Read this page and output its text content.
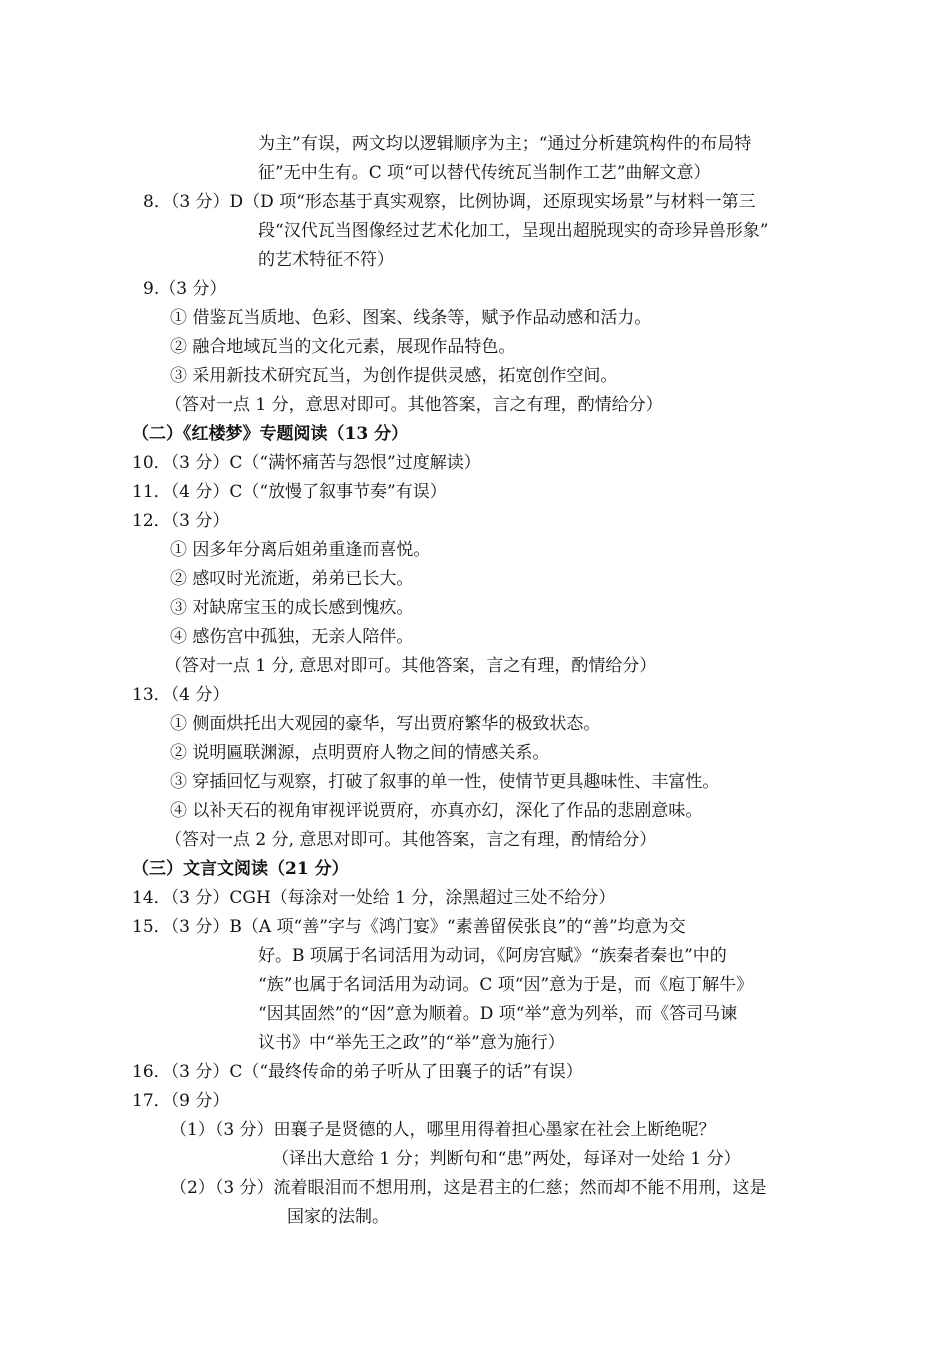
为主”有误，两文均以逻辑顺序为主；“通过分析建筑构件的布局特
征”无中生有。C 项“可以替代传统瓦当制作工艺”曲解文意）
8．（3 分）D（D 项“形态基于真实观察，比例协调，还原现实场景”与材料一第三
段“汉代瓦当图像经过艺术化加工，呈现出超脱现实的奇珍异兽形象”
的艺术特征不符）
9.（3 分）
① 借鉴瓦当质地、色彩、图案、线条等，赋予作品动感和活力。
② 融合地域瓦当的文化元素，展现作品特色。
③ 采用新技术研究瓦当，为创作提供灵感，拓宽创作空间。
（答对一点 1 分，意思对即可。其他答案，言之有理，酌情给分）
（二）《红楼梦》专题阅读（13 分）
10．（3 分）C（“满怀痛苦与怨恨”过度解读）
11．（4 分）C（“放慢了叙事节奏”有误）
12．（3 分）
① 因多年分离后姐弟重逢而喜悦。
② 感叹时光流逝，弟弟已长大。
③ 对缺席宝玉的成长感到愧疚。
④ 感伤宫中孤独，无亲人陪伴。
（答对一点 1 分, 意思对即可。其他答案，言之有理，酌情给分）
13．（4 分）
① 侧面烘托出大观园的豪华，写出贾府繁华的极致状态。
② 说明匾联渊源，点明贾府人物之间的情感关系。
③ 穿插回忆与观察，打破了叙事的单一性，使情节更具趣味性、丰富性。
④ 以补天石的视角审视评说贾府，亦真亦幻，深化了作品的悲剧意味。
（答对一点 2 分, 意思对即可。其他答案，言之有理，酌情给分）
（三）文言文阅读（21 分）
14．（3 分）CGH（每涂对一处给 1 分，涂黑超过三处不给分）
15．（3 分）B（A 项“善”字与《鸿门宴》“素善留侯张良”的“善”均意为交
好。B 项属于名词活用为动词，《阿房宫赋》“族秦者秦也”中的
“族”也属于名词活用为动词。C 项“因”意为于是，而《庖丁解牛》
“因其固然”的“因”意为顺着。D 项“举”意为列举，而《答司马谏
议书》中“举先王之政”的“举”意为施行）
16．（3 分）C（“最终传命的弟子听从了田襄子的话”有误）
17．（9 分）
（1）（3 分）田襄子是贤德的人，哪里用得着担心墨家在社会上断绝呢？
（译出大意给 1 分；判断句和“患”两处，每译对一处给 1 分）
（2）（3 分）流着眼泪而不想用刑，这是君主的仁慈；然而却不能不用刑，这是
国家的法制。
